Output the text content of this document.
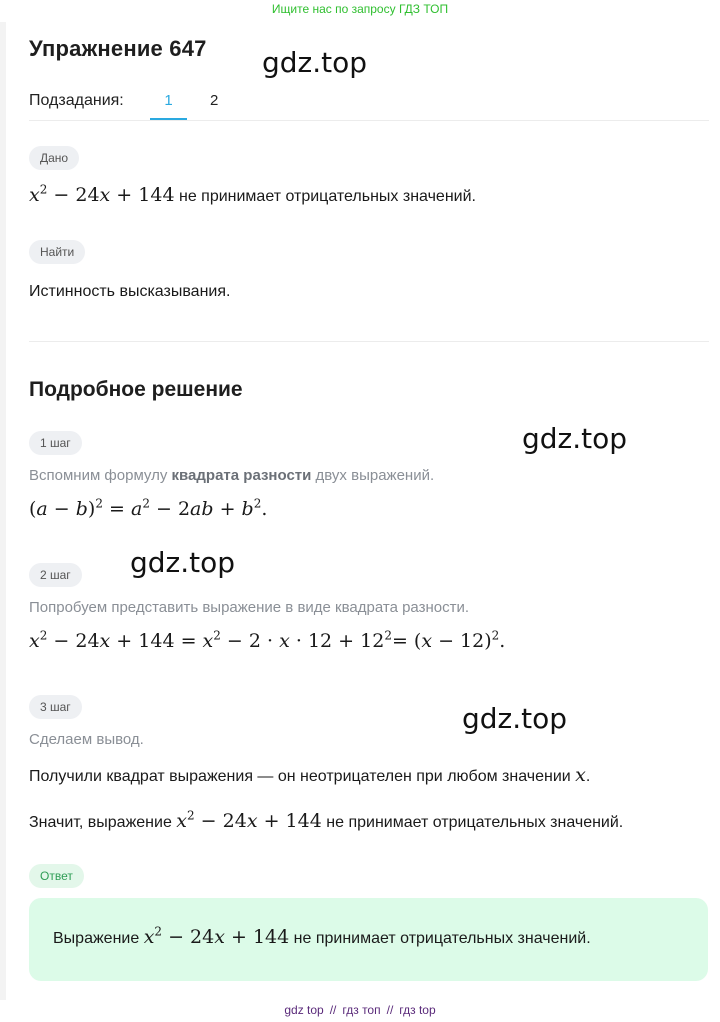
Ищите нас по запросу ГДЗ ТОП
Упражнение 647
Подзадания:	1	2
Дано
$x^2 - 24x + 144$ не принимает отрицательных значений.
Найти
Истинность высказывания.
Подробное решение
1 шаг
Вспомним формулу квадрата разности двух выражений.
$(a - b)^2 = a^2 - 2ab + b^2$.
2 шаг
Попробуем представить выражение в виде квадрата разности.
$x^2 - 24x + 144 = x^2 - 2 \cdot x \cdot 12 + 12^2= (x - 12)^2$.
3 шаг
Сделаем вывод.
Получили квадрат выражения — он неотрицателен при любом значении x.
Значит, выражение $x^2 - 24x + 144$ не принимает отрицательных значений.
Ответ
Выражение $x^2 - 24x + 144$ не принимает отрицательных значений.
gdz.top
gdz.top
gdz.top
gdz.top
gdz top // гдз топ // гдз top
